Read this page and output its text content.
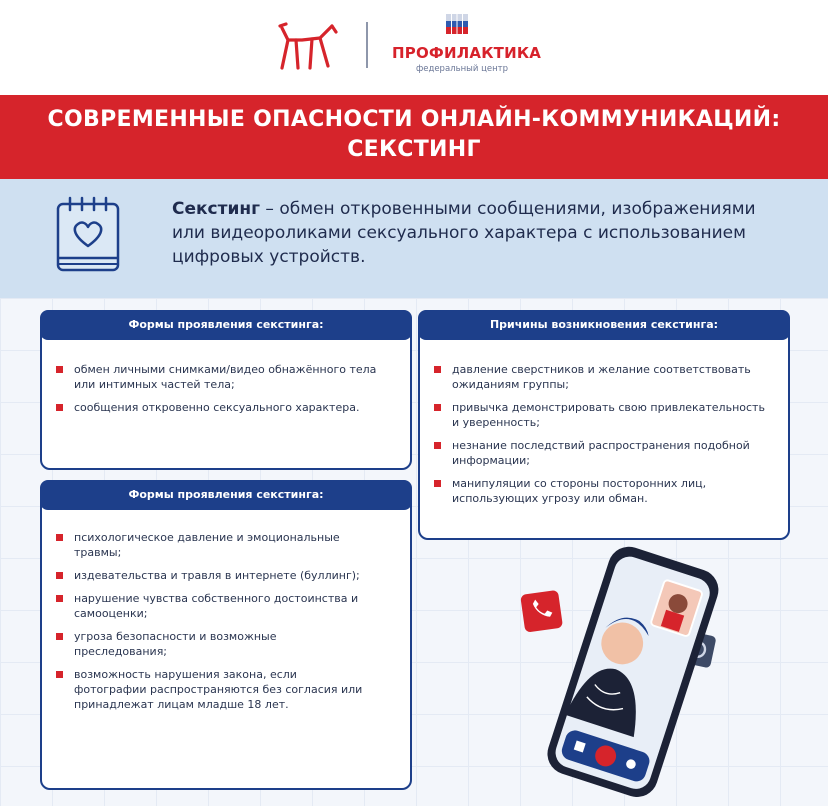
ПРОФИЛАКТИКА
федеральный центр
СОВРЕМЕННЫЕ ОПАСНОСТИ ОНЛАЙН-КОММУНИКАЦИЙ:
СЕКСТИНГ
Секстинг – обмен откровенными сообщениями, изображениями или видеороликами сексуального характера с использованием цифровых устройств.
Формы проявления секстинга:
обмен личными снимками/видео обнажённого тела или интимных частей тела;
сообщения откровенно сексуального характера.
Формы проявления секстинга:
психологическое давление и эмоциональные травмы;
издевательства и травля в интернете (буллинг);
нарушение чувства собственного достоинства и самооценки;
угроза безопасности и возможные преследования;
возможность нарушения закона, если фотографии распространяются без согласия или принадлежат лицам младше 18 лет.
Причины возникновения секстинга:
давление сверстников и желание соответствовать ожиданиям группы;
привычка демонстрировать свою привлекательность и уверенность;
незнание последствий распространения подобной информации;
манипуляции со стороны посторонних лиц, использующих угрозу или обман.
